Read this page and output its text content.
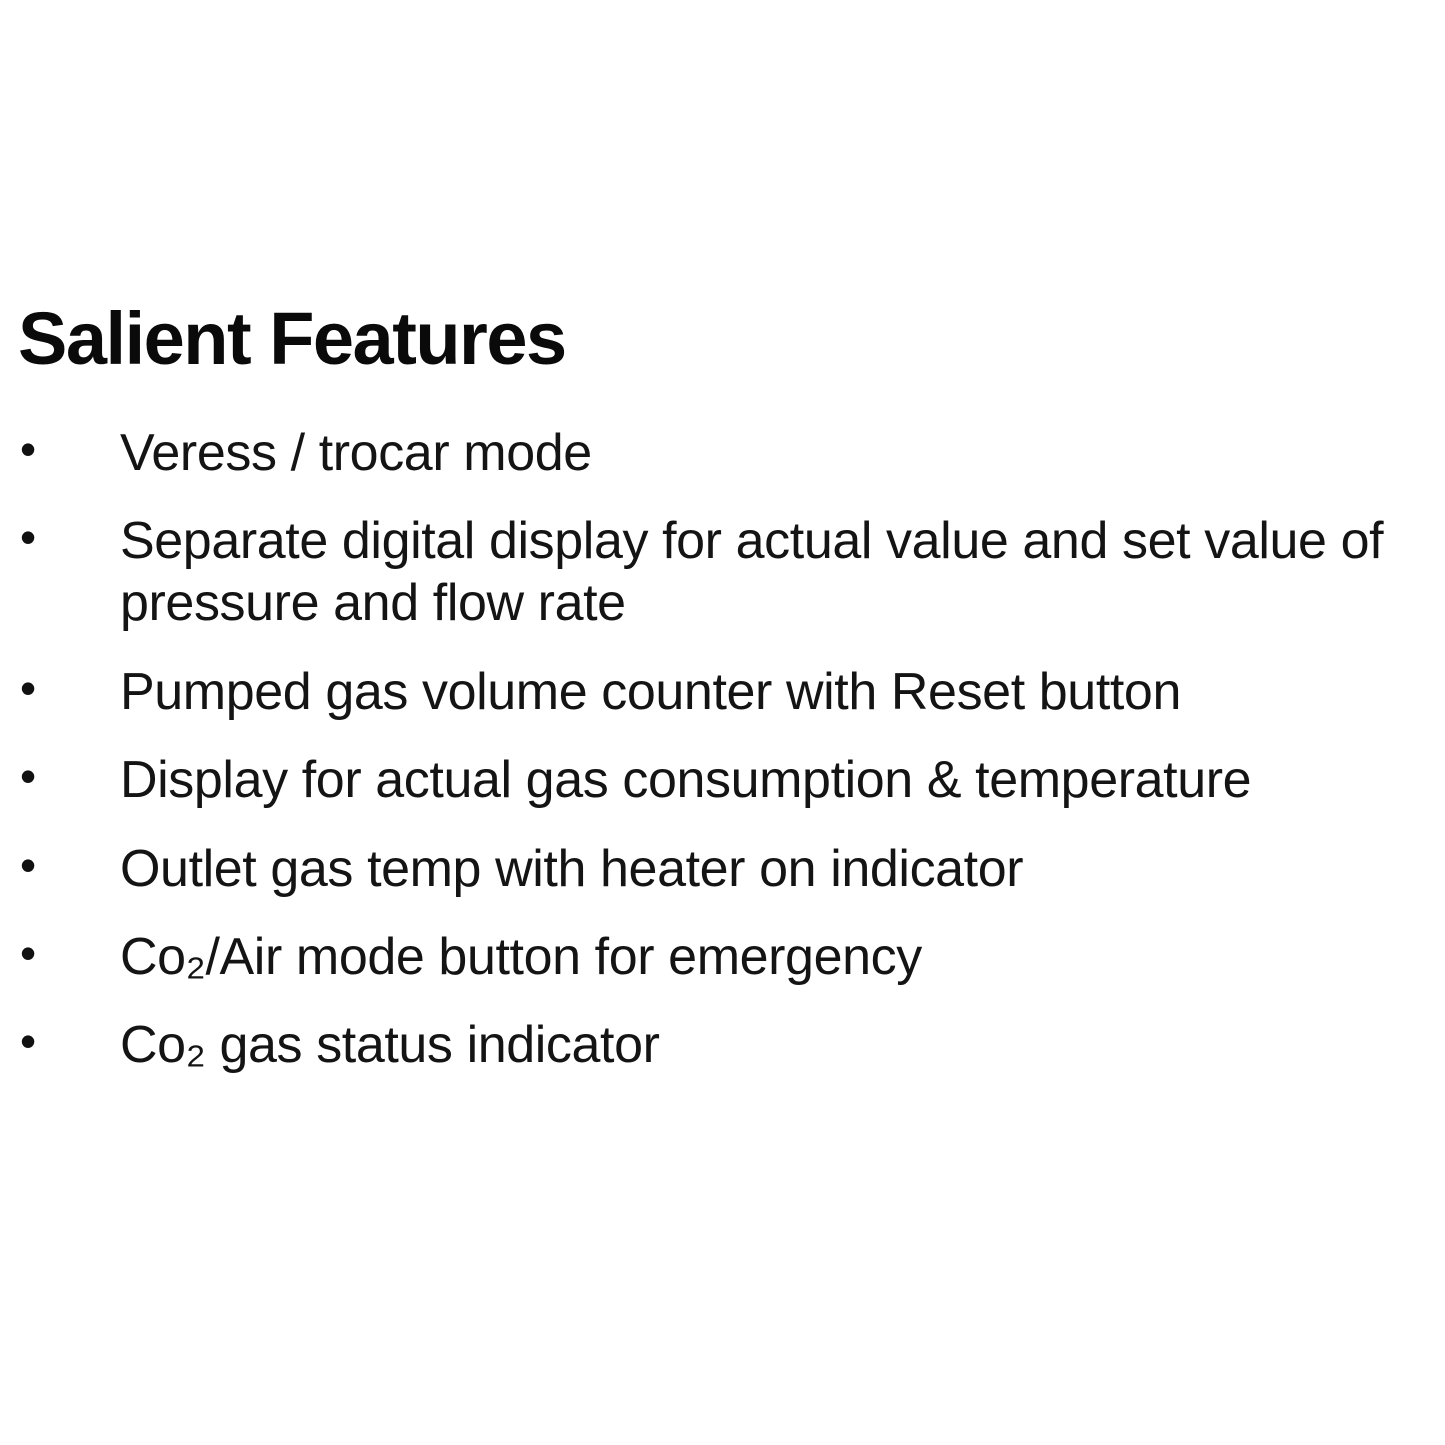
Salient Features
•	Veress / trocar mode
•	Separate digital display for actual value and set value of pressure and flow rate
•	Pumped gas volume counter with Reset button
•	Display for actual gas consumption & temperature
•	Outlet gas temp with heater on indicator
•	Co₂/Air mode button for emergency
•	Co₂ gas status indicator
